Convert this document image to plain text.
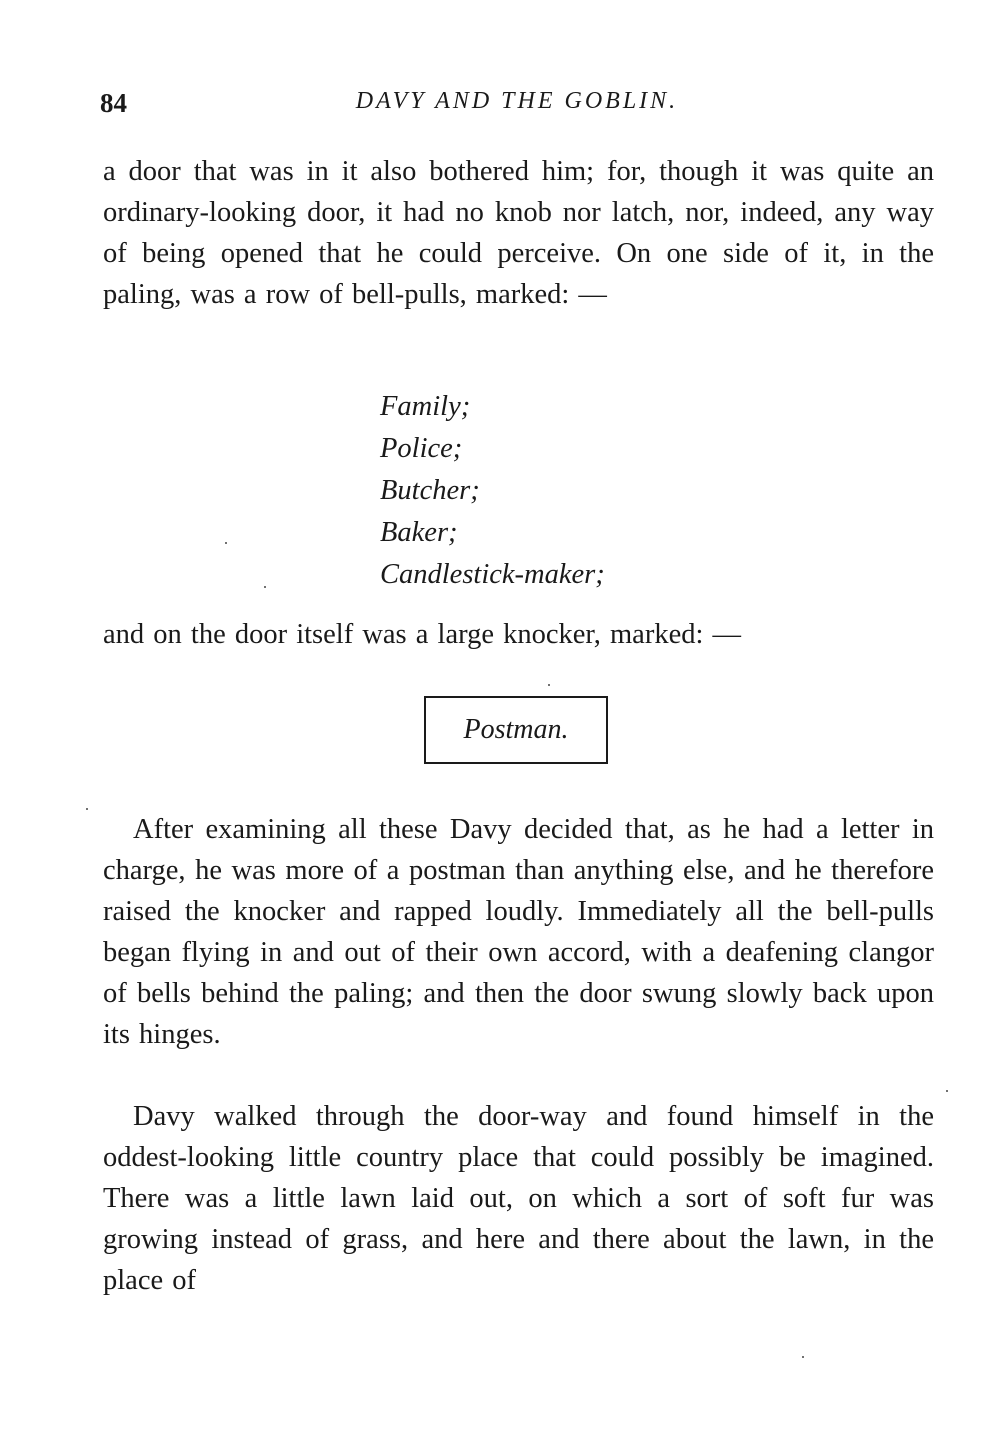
84	DAVY AND THE GOBLIN.

a door that was in it also bothered him; for, though it was quite an ordinary-looking door, it had no knob nor latch, nor, indeed, any way of being opened that he could perceive. On one side of it, in the paling, was a row of bell-pulls, marked: —

Family;
Police;
Butcher;
Baker;
Candlestick-maker;

and on the door itself was a large knocker, marked: —

Postman.

After examining all these Davy decided that, as he had a letter in charge, he was more of a postman than anything else, and he therefore raised the knocker and rapped loudly. Immediately all the bell-pulls began flying in and out of their own accord, with a deafening clangor of bells behind the paling; and then the door swung slowly back upon its hinges.

Davy walked through the door-way and found himself in the oddest-looking little country place that could possibly be imagined. There was a little lawn laid out, on which a sort of soft fur was growing instead of grass, and here and there about the lawn, in the place of
